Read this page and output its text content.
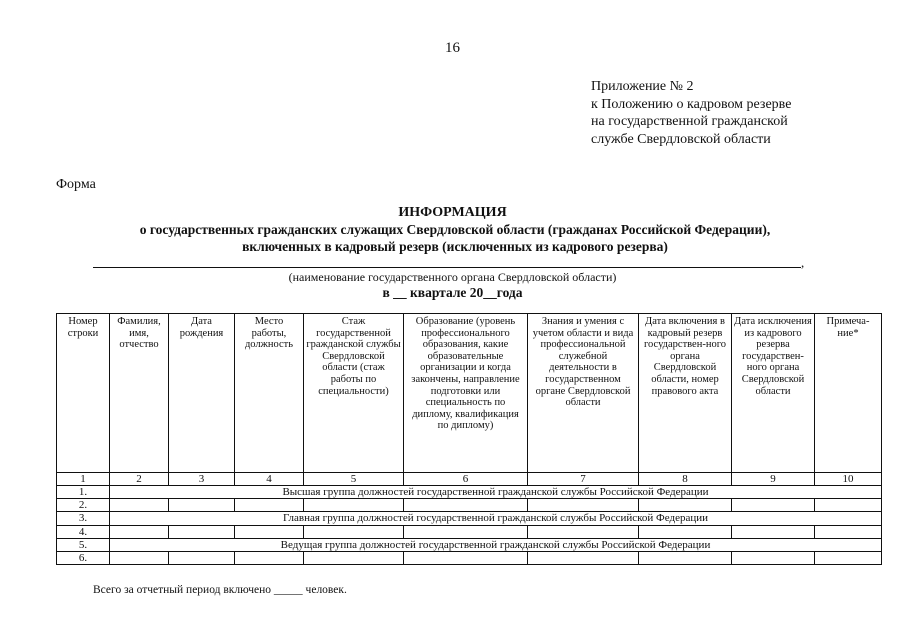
16
Приложение № 2
к Положению о кадровом резерве
на государственной гражданской
службе Свердловской области
Форма
ИНФОРМАЦИЯ
о государственных гражданских служащих Свердловской области (гражданах Российской Федерации),
включенных в кадровый резерв (исключенных из кадрового резерва)
,
(наименование государственного органа Свердловской области)
в __ квартале 20__года
Номер строки	Фамилия, имя, отчество	Дата рождения	Место работы, должность	Стаж государственной гражданской службы Свердловской области (стаж работы по специальности)	Образование (уровень профессионального образования, какие образовательные организации и когда закончены, направление подготовки или специальность по диплому, квалификация по диплому)	Знания и умения с учетом области и вида профессиональной служебной деятельности в государственном органе Свердловской области	Дата включения в кадровый резерв государствен-ного органа Свердловской области, номер правового акта	Дата исключения из кадрового резерва государствен-ного органа Свердловской области	Примеча-ние*
1	2	3	4	5	6	7	8	9	10
1.	Высшая группа должностей государственной гражданской службы Российской Федерации								
2.									
3.	Главная группа должностей государственной гражданской службы Российской Федерации								
4.									
5.	Ведущая группа должностей государственной гражданской службы Российской Федерации								
6.									
Всего за отчетный период включено _____ человек.
